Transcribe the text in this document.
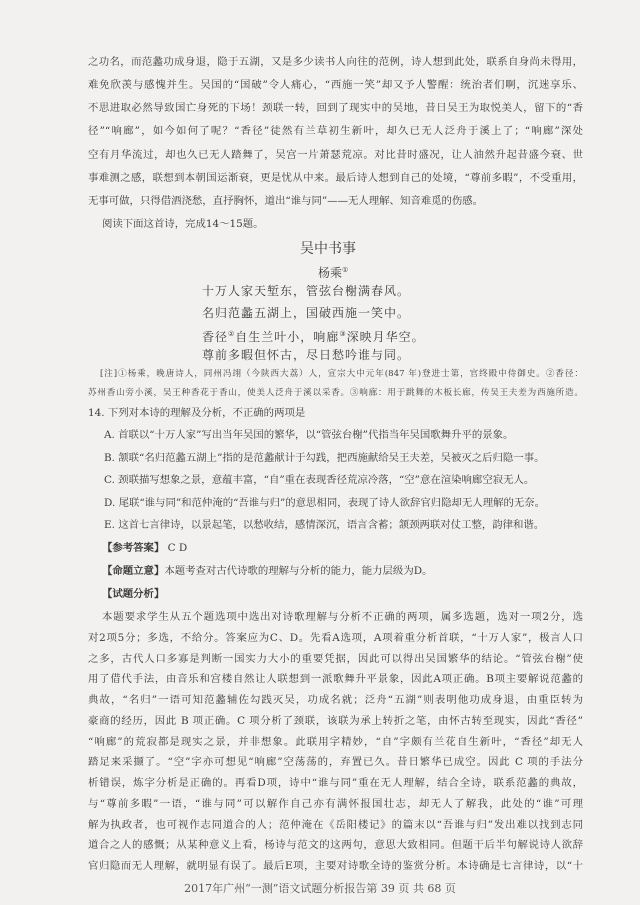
之功名，而范蠡功成身退，隐于五湖，又是多少读书人向往的范例，诗人想到此处，联系自身尚未得用，
难免欣羡与感愧并生。吴国的“国破”令人痛心，“西施一笑”却又予人警醒：统治者们啊，沉迷享乐、
不思进取必然导致国亡身死的下场！颈联一转，回到了现实中的吴地，昔日吴王为取悦美人，留下的“香
径”“响廊”，如今如何了呢？“香径”徒然有兰草初生新叶，却久已无人泛舟于溪上了；“响廊”深处
空有月华流过，却也久已无人踏舞了，吴宫一片萧瑟荒凉。对比昔时盛况，让人油然升起昔盛今衰、世
事难测之感，联想到本朝国运渐衰，更是忧从中来。最后诗人想到自己的处境，“尊前多暇”，不受重用，
无事可做，只得借酒浇愁，直抒胸怀，道出“谁与同”——无人理解、知音难觅的伤感。
阅读下面这首诗，完成14～15题。
吴中书事
杨乘①
十万人家天堑东，管弦台榭满春风。
名归范蠡五湖上，国破西施一笑中。
香径②自生兰叶小，响廊③深映月华空。
尊前多暇但怀古，尽日愁吟谁与同。
[注]①杨乘，晚唐诗人，同州冯翊（今陕西大荔）人，宣宗大中元年(847 年)登进士第，官终殿中侍御史。②香径：
苏州香山旁小溪，吴王种香花于香山，使美人泛舟于溪以采香。③响廊：用于跳舞的木板长廊，传吴王夫差为西施所造。
14. 下列对本诗的理解及分析，不正确的两项是
A. 首联以“十万人家”写出当年吴国的繁华，以“管弦台榭”代指当年吴国歌舞升平的景象。
B. 颔联“名归范蠡五湖上”指的是范蠡献计于勾践，把西施献给吴王夫差，吴被灭之后归隐一事。
C. 颈联描写想象之景，意蕴丰富，“自”重在表现香径荒凉冷落，“空”意在渲染响廊空寂无人。
D. 尾联“谁与同”和范仲淹的“吾谁与归”的意思相同，表现了诗人欲辞官归隐却无人理解的无奈。
E. 这首七言律诗，以景起笔，以愁收结，感情深沉，语言含蓄；颔颈两联对仗工整，韵律和谐。
【参考答案】 C D
【命题立意】本题考查对古代诗歌的理解与分析的能力，能力层级为D。
【试题分析】
本题要求学生从五个题选项中选出对诗歌理解与分析不正确的两项，属多选题，选对一项2分，选
对2项5分；多选，不给分。答案应为C、D。先看A选项，A项着重分析首联，“十万人家”，极言人口
之多，古代人口多寡是判断一国实力大小的重要凭据，因此可以得出吴国繁华的结论。“管弦台榭”使
用了借代手法，由音乐和宫楼自然让人联想到一派歌舞升平景象，因此A项正确。B项主要解说范蠡的
典故，“名归”一语可知范蠡辅佐勾践灭吴，功成名就；泛舟“五湖”则表明他功成身退，由重臣转为
豪商的经历，因此 B 项正确。C 项分析了颈联，该联为承上转折之笔，由怀古转至现实，因此“香径”
“响廊”的荒寂都是现实之景，并非想象。此联用字精妙，“自”字颇有兰花自生新叶，“香径”却无人
踏足来采撷了。“空”字亦可想见“响廊”空荡荡的，弃置已久。昔日繁华已成空。因此 C 项的手法分
析错误，炼字分析是正确的。再看D项，诗中“谁与同”重在无人理解，结合全诗，联系范蠡的典故，
与“尊前多暇”一语，“谁与同”可以解作自己亦有满怀报国壮志，却无人了解我，此处的“谁”可理
解为执政者，也可视作志同道合的人；范仲淹在《岳阳楼记》的篇末以“吾谁与归”发出难以找到志同
道合之人的感慨；从某种意义上看，杨诗与范文的这两句，意思大致相同。但题干后半句解说诗人欲辞
官归隐而无人理解，就明显有误了。最后E项，主要对诗歌全诗的鉴赏分析。本诗确是七言律诗，以“十
2017年广州“一测”语文试题分析报告第 39 页 共 68 页
